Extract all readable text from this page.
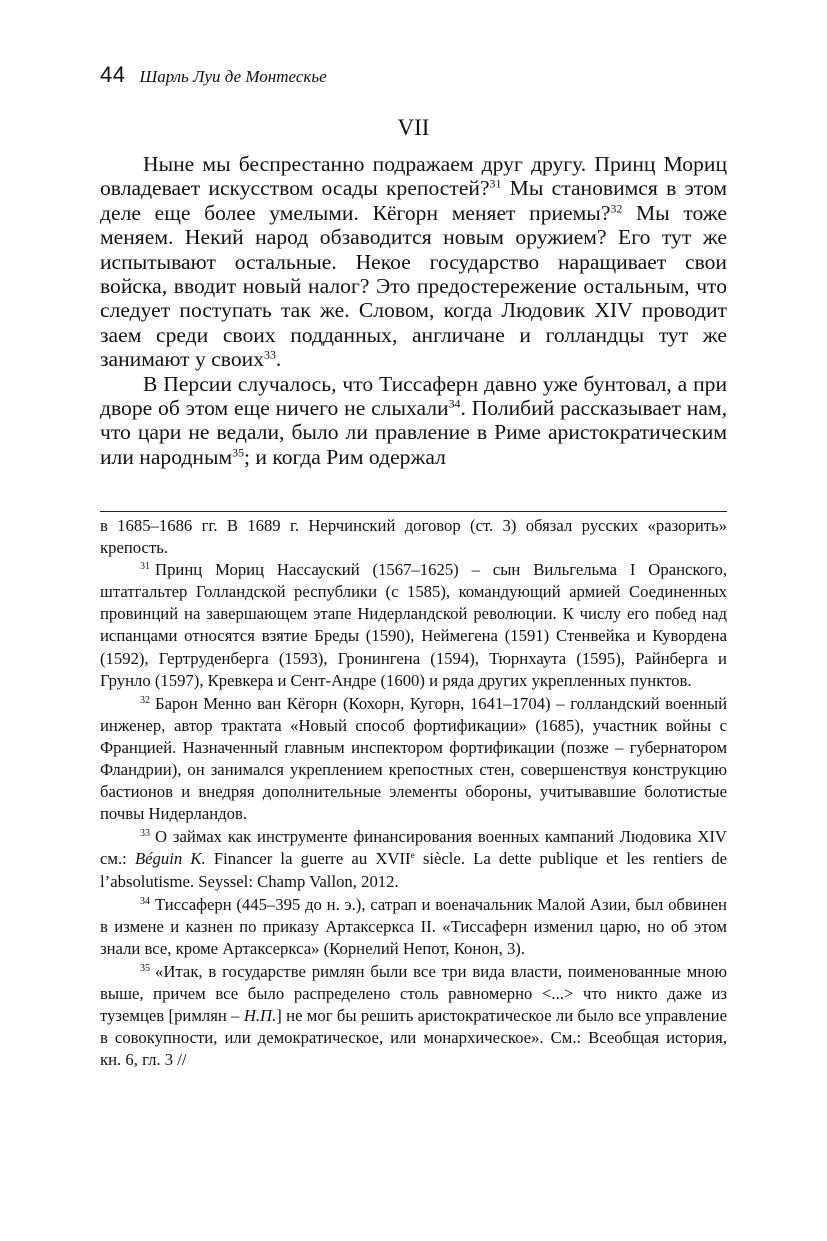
44 Шарль Луи де Монтескье
VII

Ныне мы беспрестанно подражаем друг другу. Принц Мориц овладевает искусством осады крепостей?$^{31}$ Мы становимся в этом деле еще более умелыми. Кёгорн меняет приемы?$^{32}$ Мы тоже меняем. Некий народ обзаводится новым оружием? Его тут же испытывают остальные. Некое государство наращивает свои войска, вводит новый налог? Это предостережение остальным, что следует поступать так же. Словом, когда Людовик XIV проводит заем среди своих подданных, англичане и голландцы тут же занимают у своих$^{33}$.

В Персии случалось, что Тиссаферн давно уже бунтовал, а при дворе об этом еще ничего не слыхали$^{34}$. Полибий рассказывает нам, что цари не ведали, было ли правление в Риме аристократическим или народным$^{35}$; и когда Рим одержал

в 1685–1686 гг. В 1689 г. Нерчинский договор (ст. 3) обязал русских «разорить» крепость.

$^{31}$ Принц Мориц Нассауский (1567–1625) – сын Вильгельма I Оранского, штатгальтер Голландской республики (с 1585), командующий армией Соединенных провинций на завершающем этапе Нидерландской революции. К числу его побед над испанцами относятся взятие Бреды (1590), Неймегена (1591) Стенвейка и Кувордена (1592), Гертруденберга (1593), Гронингена (1594), Тюрнхаута (1595), Райнберга и Грунло (1597), Кревкера и Сент-Андре (1600) и ряда других укрепленных пунктов.

$^{32}$ Барон Менно ван Кёгорн (Кохорн, Кугорн, 1641–1704) – голландский военный инженер, автор трактата «Новый способ фортификации» (1685), участник войны с Францией. Назначенный главным инспектором фортификации (позже – губернатором Фландрии), он занимался укреплением крепостных стен, совершенствуя конструкцию бастионов и внедряя дополнительные элементы обороны, учитывавшие болотистые почвы Нидерландов.

$^{33}$ О займах как инструменте финансирования военных кампаний Людовика XIV см.: Béguin K. Financer la guerre au XVIIe siècle. La dette publique et les rentiers de l’absolutisme. Seyssel: Champ Vallon, 2012.

$^{34}$ Тиссаферн (445–395 до н. э.), сатрап и военачальник Малой Азии, был обвинен в измене и казнен по приказу Артаксеркса II. «Тиссаферн изменил царю, но об этом знали все, кроме Артаксеркса» (Корнелий Непот, Конон, 3).

$^{35}$ «Итак, в государстве римлян были все три вида власти, поименованные мною выше, причем все было распределено столь равномерно <...> что никто даже из туземцев [римлян – Н.П.] не мог бы решить аристократическое ли было все управление в совокупности, или демократическое, или монархическое». См.: Всеобщая история, кн. 6, гл. 3 //
